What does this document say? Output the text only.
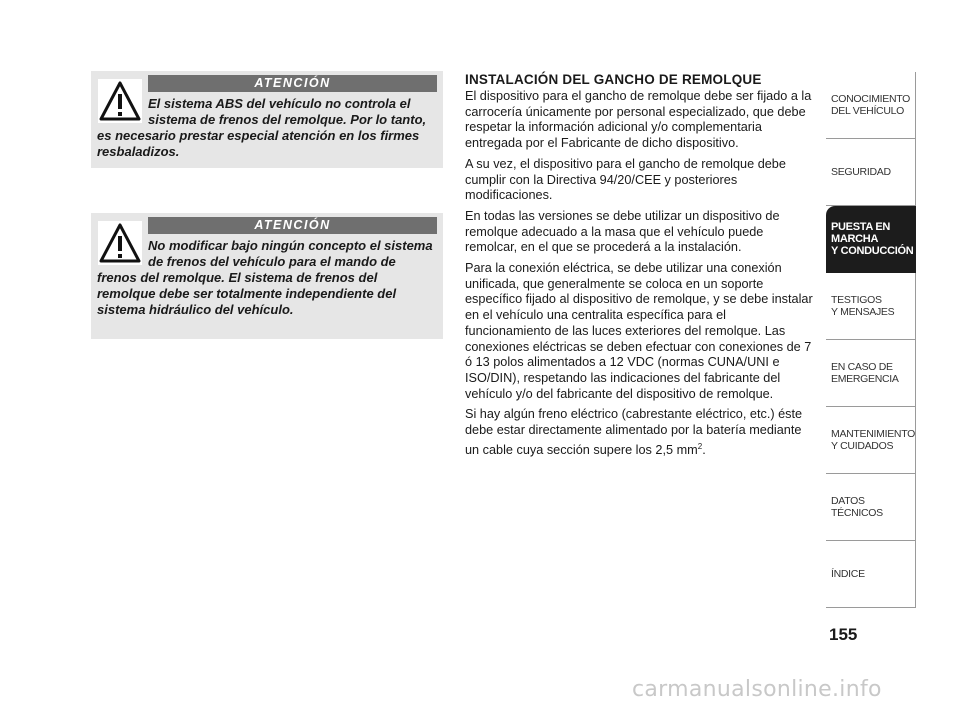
ATENCIÓN
El sistema ABS del vehículo no controla el sistema de frenos del remolque. Por lo tanto, es necesario prestar especial atención en los firmes resbaladizos.
ATENCIÓN
No modificar bajo ningún concepto el sistema de frenos del vehículo para el mando de frenos del remolque. El sistema de frenos del remolque debe ser totalmente independiente del sistema hidráulico del vehículo.
INSTALACIÓN DEL GANCHO DE REMOLQUE

El dispositivo para el gancho de remolque debe ser fijado a la carrocería únicamente por personal especializado, que debe respetar la información adicional y/o complementaria entregada por el Fabricante de dicho dispositivo.

A su vez, el dispositivo para el gancho de remolque debe cumplir con la Directiva 94/20/CEE y posteriores modificaciones.

En todas las versiones se debe utilizar un dispositivo de remolque adecuado a la masa que el vehículo puede remolcar, en el que se procederá a la instalación.

Para la conexión eléctrica, se debe utilizar una conexión unificada, que generalmente se coloca en un soporte específico fijado al dispositivo de remolque, y se debe instalar en el vehículo una centralita específica para el funcionamiento de las luces exteriores del remolque. Las conexiones eléctricas se deben efectuar con conexiones de 7 ó 13 polos alimentados a 12 VDC (normas CUNA/UNI e ISO/DIN), respetando las indicaciones del fabricante del vehículo y/o del fabricante del dispositivo de remolque.

Si hay algún freno eléctrico (cabrestante eléctrico, etc.) éste debe estar directamente alimentado por la batería mediante un cable cuya sección supere los 2,5 $mm^2$.

CONOCIMIENTO
DEL VEHÍCULO
SEGURIDAD
PUESTA EN
MARCHA
Y CONDUCCIÓN
TESTIGOS
Y MENSAJES
EN CASO DE
EMERGENCIA
MANTENIMIENTO
Y CUIDADOS
DATOS
TÉCNICOS
ÍNDICE
155
carmanualsonline.info
